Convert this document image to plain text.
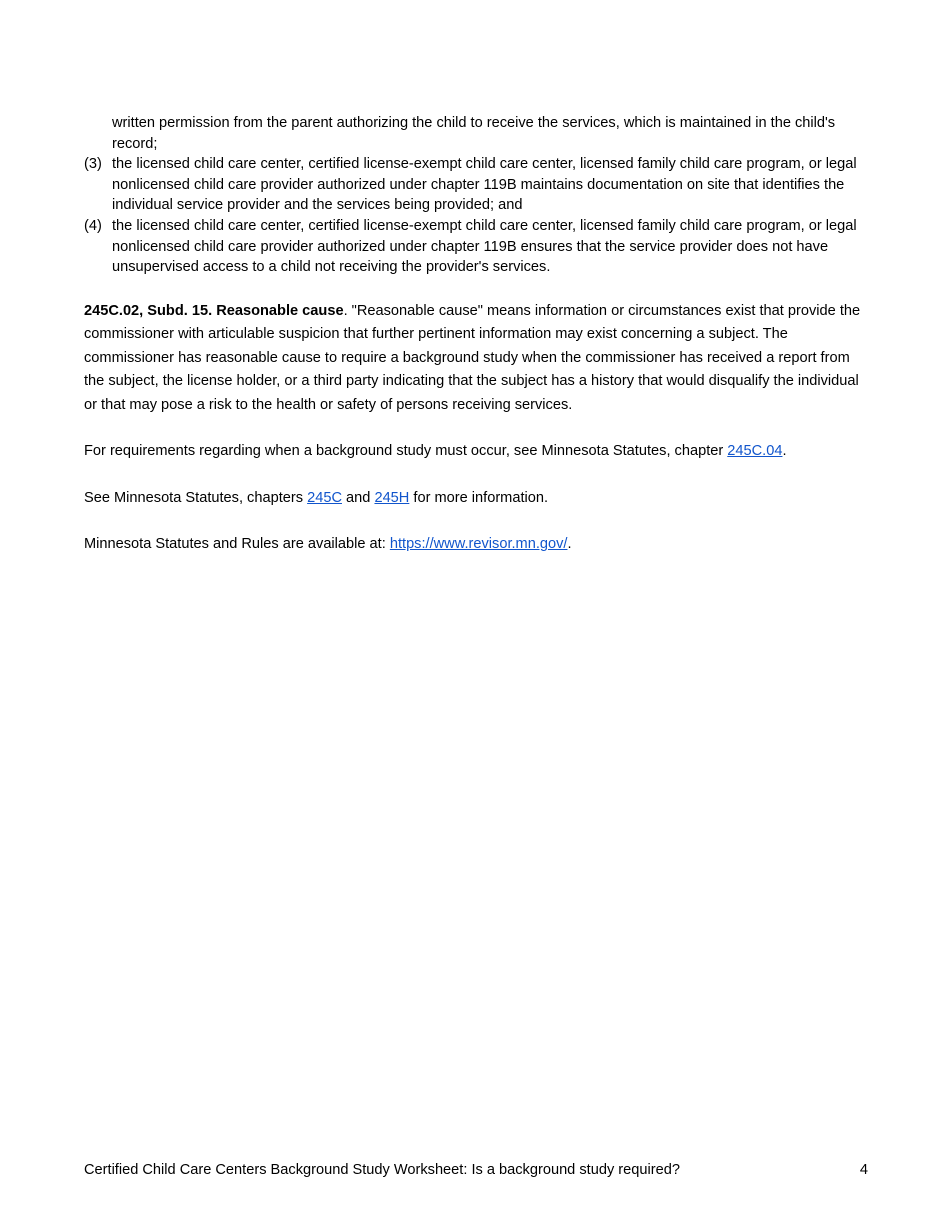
written permission from the parent authorizing the child to receive the services, which is maintained in the child's record;
(3) the licensed child care center, certified license-exempt child care center, licensed family child care program, or legal nonlicensed child care provider authorized under chapter 119B maintains documentation on site that identifies the individual service provider and the services being provided; and
(4) the licensed child care center, certified license-exempt child care center, licensed family child care program, or legal nonlicensed child care provider authorized under chapter 119B ensures that the service provider does not have unsupervised access to a child not receiving the provider's services.
245C.02, Subd. 15. Reasonable cause. "Reasonable cause" means information or circumstances exist that provide the commissioner with articulable suspicion that further pertinent information may exist concerning a subject. The commissioner has reasonable cause to require a background study when the commissioner has received a report from the subject, the license holder, or a third party indicating that the subject has a history that would disqualify the individual or that may pose a risk to the health or safety of persons receiving services.
For requirements regarding when a background study must occur, see Minnesota Statutes, chapter 245C.04.
See Minnesota Statutes, chapters 245C and 245H for more information.
Minnesota Statutes and Rules are available at: https://www.revisor.mn.gov/.
Certified Child Care Centers Background Study Worksheet: Is a background study required?	4
